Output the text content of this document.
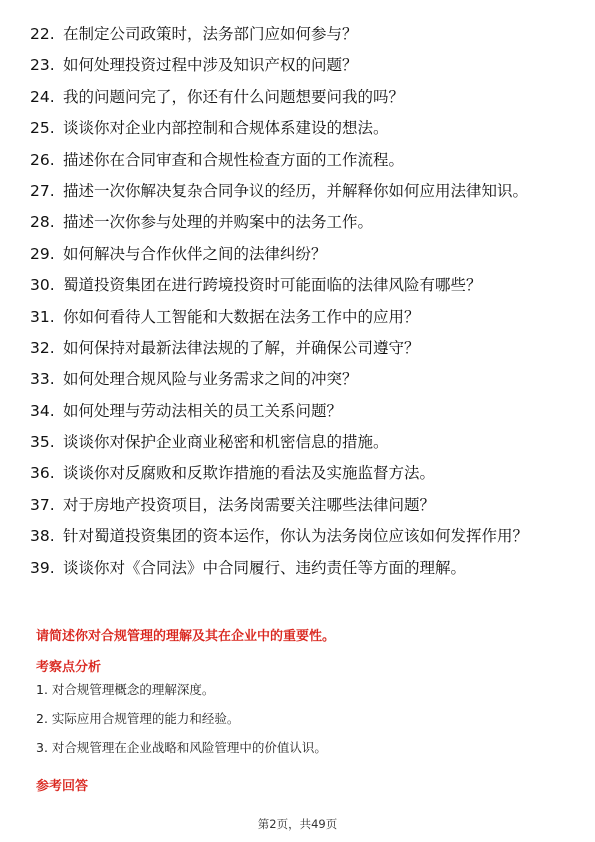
22. 在制定公司政策时，法务部门应如何参与？
23. 如何处理投资过程中涉及知识产权的问题？
24. 我的问题问完了，你还有什么问题想要问我的吗？
25. 谈谈你对企业内部控制和合规体系建设的想法。
26. 描述你在合同审查和合规性检查方面的工作流程。
27. 描述一次你解决复杂合同争议的经历，并解释你如何应用法律知识。
28. 描述一次你参与处理的并购案中的法务工作。
29. 如何解决与合作伙伴之间的法律纠纷？
30. 蜀道投资集团在进行跨境投资时可能面临的法律风险有哪些？
31. 你如何看待人工智能和大数据在法务工作中的应用？
32. 如何保持对最新法律法规的了解，并确保公司遵守？
33. 如何处理合规风险与业务需求之间的冲突？
34. 如何处理与劳动法相关的员工关系问题？
35. 谈谈你对保护企业商业秘密和机密信息的措施。
36. 谈谈你对反腐败和反欺诈措施的看法及实施监督方法。
37. 对于房地产投资项目，法务岗需要关注哪些法律问题？
38. 针对蜀道投资集团的资本运作，你认为法务岗位应该如何发挥作用？
39. 谈谈你对《合同法》中合同履行、违约责任等方面的理解。
请简述你对合规管理的理解及其在企业中的重要性。
考察点分析
1. 对合规管理概念的理解深度。
2. 实际应用合规管理的能力和经验。
3. 对合规管理在企业战略和风险管理中的价值认识。
参考回答
第2页，共49页
